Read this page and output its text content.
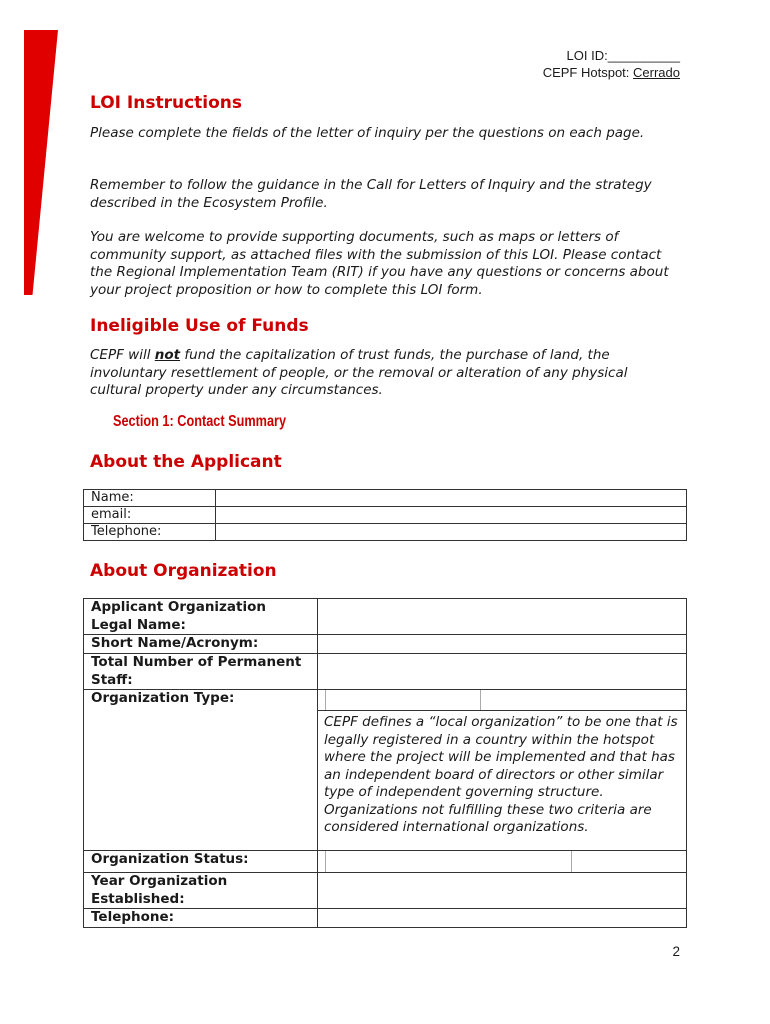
LOI ID:__________
CEPF Hotspot: Cerrado
LOI Instructions
Please complete the fields of the letter of inquiry per the questions on each page.
Remember to follow the guidance in the Call for Letters of Inquiry and the strategy described in the Ecosystem Profile.
You are welcome to provide supporting documents, such as maps or letters of community support, as attached files with the submission of this LOI. Please contact the Regional Implementation Team (RIT) if you have any questions or concerns about your project proposition or how to complete this LOI form.
Ineligible Use of Funds
CEPF will not fund the capitalization of trust funds, the purchase of land, the involuntary resettlement of people, or the removal or alteration of any physical cultural property under any circumstances.
Section 1: Contact Summary
About the Applicant
Name:	
email:	
Telephone:	
About Organization
Applicant Organization Legal Name:	
Short Name/Acronym:	
Total Number of Permanent Staff:	
Organization Type:	

	CEPF defines a “local organization” to be one that is legally registered in a country within the hotspot where the project will be implemented and that has an independent board of directors or other similar type of independent governing structure. Organizations not fulfilling these two criteria are considered international organizations.

Organization Status:	

Year Organization Established:	
Telephone:	
2
